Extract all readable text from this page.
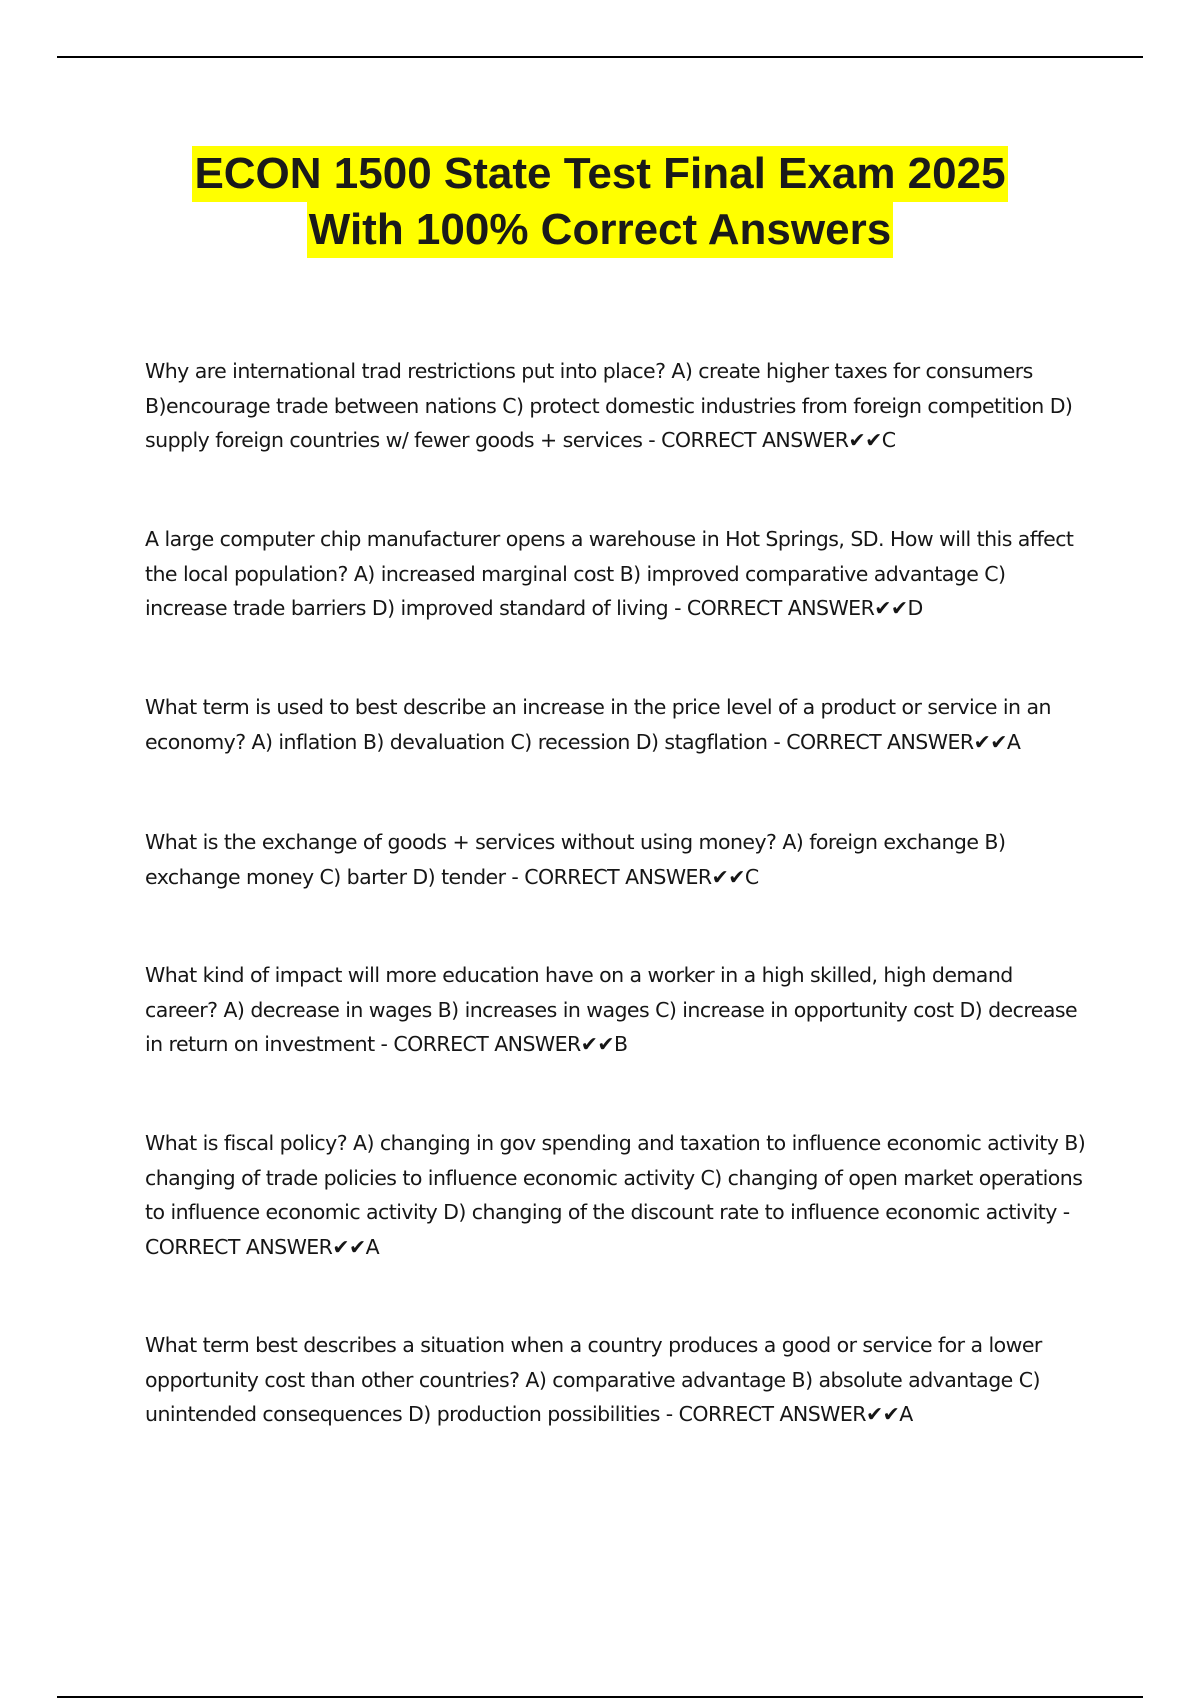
ECON 1500 State Test Final Exam 2025
With 100% Correct Answers

Why are international trad restrictions put into place? A) create higher taxes for consumers B)encourage trade between nations C) protect domestic industries from foreign competition D) supply foreign countries w/ fewer goods + services - CORRECT ANSWER✔✔C

A large computer chip manufacturer opens a warehouse in Hot Springs, SD. How will this affect the local population? A) increased marginal cost B) improved comparative advantage C) increase trade barriers D) improved standard of living - CORRECT ANSWER✔✔D

What term is used to best describe an increase in the price level of a product or service in an economy? A) inflation B) devaluation C) recession D) stagflation - CORRECT ANSWER✔✔A

What is the exchange of goods + services without using money? A) foreign exchange B) exchange money C) barter D) tender - CORRECT ANSWER✔✔C

What kind of impact will more education have on a worker in a high skilled, high demand career? A) decrease in wages B) increases in wages C) increase in opportunity cost D) decrease in return on investment - CORRECT ANSWER✔✔B

What is fiscal policy? A) changing in gov spending and taxation to influence economic activity B) changing of trade policies to influence economic activity C) changing of open market operations to influence economic activity D) changing of the discount rate to influence economic activity - CORRECT ANSWER✔✔A

What term best describes a situation when a country produces a good or service for a lower opportunity cost than other countries? A) comparative advantage B) absolute advantage C) unintended consequences D) production possibilities - CORRECT ANSWER✔✔A
